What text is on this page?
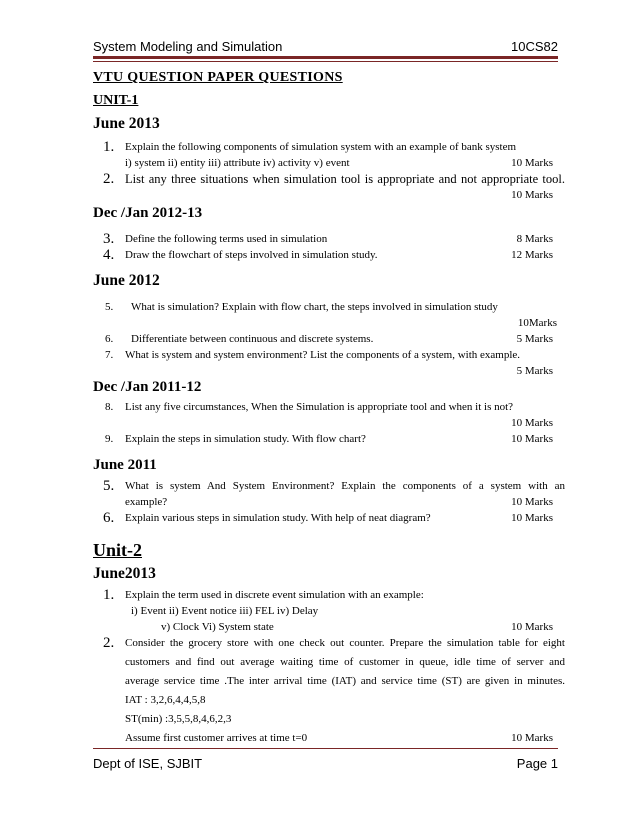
System Modeling and Simulation	10CS82
VTU QUESTION PAPER QUESTIONS
UNIT-1
June 2013
1. Explain the following components of simulation system with an example of bank system
i) system ii) entity iii) attribute iv) activity v) event	10 Marks
2. List any three situations when simulation tool is appropriate and not appropriate tool.
10 Marks

Dec /Jan 2012-13
3. Define the following terms used in simulation	8 Marks
4. Draw the flowchart of steps involved in simulation study.	12 Marks
June 2012
5.	What is simulation? Explain with flow chart, the steps involved in simulation study
10Marks

6.	Differentiate between continuous and discrete systems.	5 Marks
7.	What is system and system environment? List the components of a system, with example.
5 Marks

Dec /Jan 2011-12
8.	List any five circumstances, When the Simulation is appropriate tool and when it is not?
10 Marks

9.	Explain the steps in simulation study. With flow chart?	10 Marks
June 2011
5. What is system And System Environment? Explain the components of a system with an
example?	10 Marks
6. Explain various steps in simulation study. With help of neat diagram?	10 Marks
Unit-2
June2013
1. Explain the term used in discrete event simulation with an example:
i) Event ii) Event notice iii) FEL iv) Delay
v) Clock Vi) System state	10 Marks
2. Consider the grocery store with one check out counter. Prepare the simulation table for eight
customers and find out average waiting time of customer in queue, idle time of server and
average service time .The inter arrival time (IAT) and service time (ST) are given in minutes.
IAT : 3,2,6,4,4,5,8
ST(min) :3,5,5,8,4,6,2,3
Assume first customer arrives at time t=0	10 Marks
Dept of ISE, SJBIT	Page 1
